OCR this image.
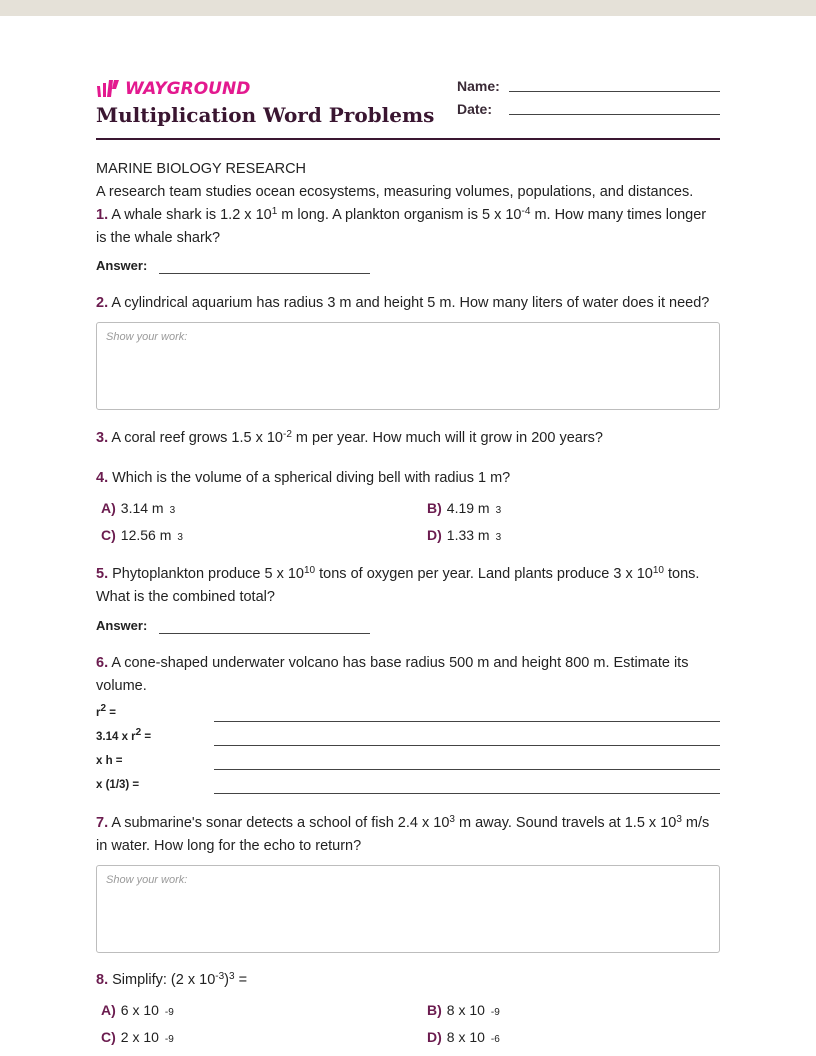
WAYGROUND
Multiplication Word Problems
Name:
Date:
MARINE BIOLOGY RESEARCH
A research team studies ocean ecosystems, measuring volumes, populations, and distances.
1. A whale shark is 1.2 x $10^1$ m long. A plankton organism is 5 x $10^{-4}$ m. How many times longer is the whale shark?
Answer:
2. A cylindrical aquarium has radius 3 m and height 5 m. How many liters of water does it need?
Show your work:
3. A coral reef grows 1.5 x $10^{-2}$ m per year. How much will it grow in 200 years?
4. Which is the volume of a spherical diving bell with radius 1 m?
A) 3.14 m 3	B) 4.19 m 3
C) 12.56 m 3	D) 1.33 m 3
5. Phytoplankton produce 5 x $10^{10}$ tons of oxygen per year. Land plants produce 3 x $10^{10}$ tons. What is the combined total?
Answer:
6. A cone-shaped underwater volcano has base radius 500 m and height 800 m. Estimate its volume.
$r^2$ =
3.14 x $r^2$ =
x h =
x (1/3) =
7. A submarine's sonar detects a school of fish 2.4 x $10^3$ m away. Sound travels at 1.5 x $10^3$ m/s in water. How long for the echo to return?
Show your work:
8. Simplify: (2 x $10^{-3})^3$ =
A) 6 x 10 -9	B) 8 x 10 -9
C) 2 x 10 -9	D) 8 x 10 -6
